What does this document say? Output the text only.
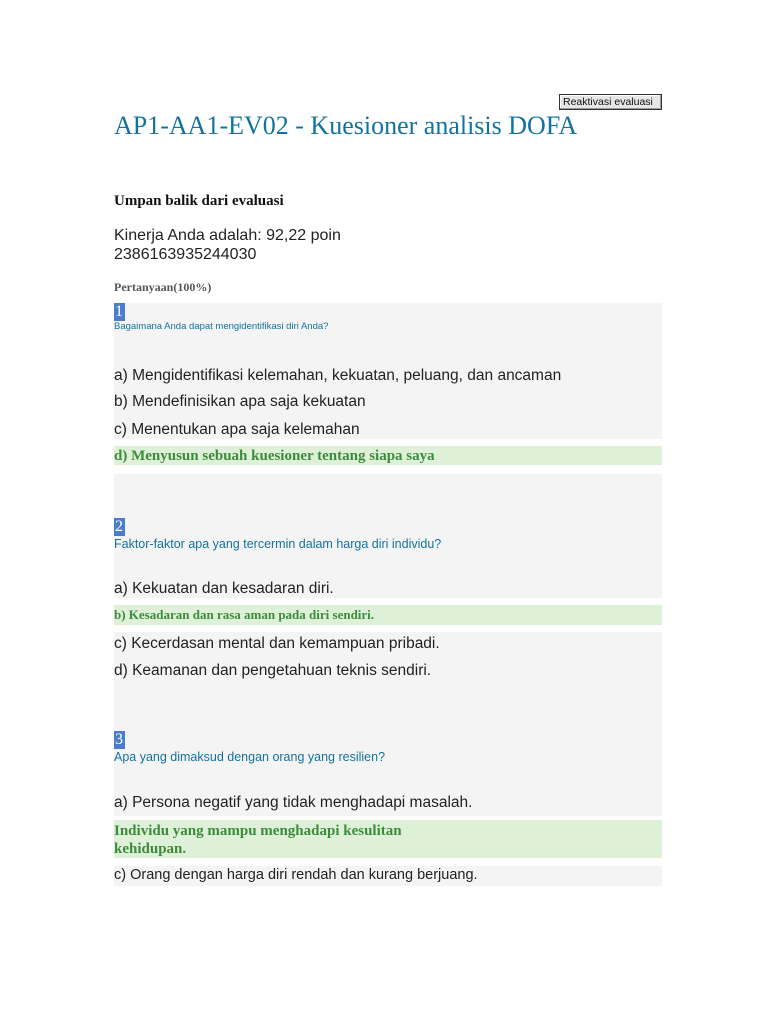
Reaktivasi evaluasi
AP1-AA1-EV02 - Kuesioner analisis DOFA
Umpan balik dari evaluasi
Kinerja Anda adalah: 92,22 poin
2386163935244030
Pertanyaan(100%)
1
Bagaimana Anda dapat mengidentifikasi diri Anda?
a) Mengidentifikasi kelemahan, kekuatan, peluang, dan ancaman
b) Mendefinisikan apa saja kekuatan
c) Menentukan apa saja kelemahan
d) Menyusun sebuah kuesioner tentang siapa saya
2
Faktor-faktor apa yang tercermin dalam harga diri individu?
a) Kekuatan dan kesadaran diri.
b) Kesadaran dan rasa aman pada diri sendiri.
c) Kecerdasan mental dan kemampuan pribadi.
d) Keamanan dan pengetahuan teknis sendiri.
3
Apa yang dimaksud dengan orang yang resilien?
a) Persona negatif yang tidak menghadapi masalah.
Individu yang mampu menghadapi kesulitan kehidupan.
c) Orang dengan harga diri rendah dan kurang berjuang.
